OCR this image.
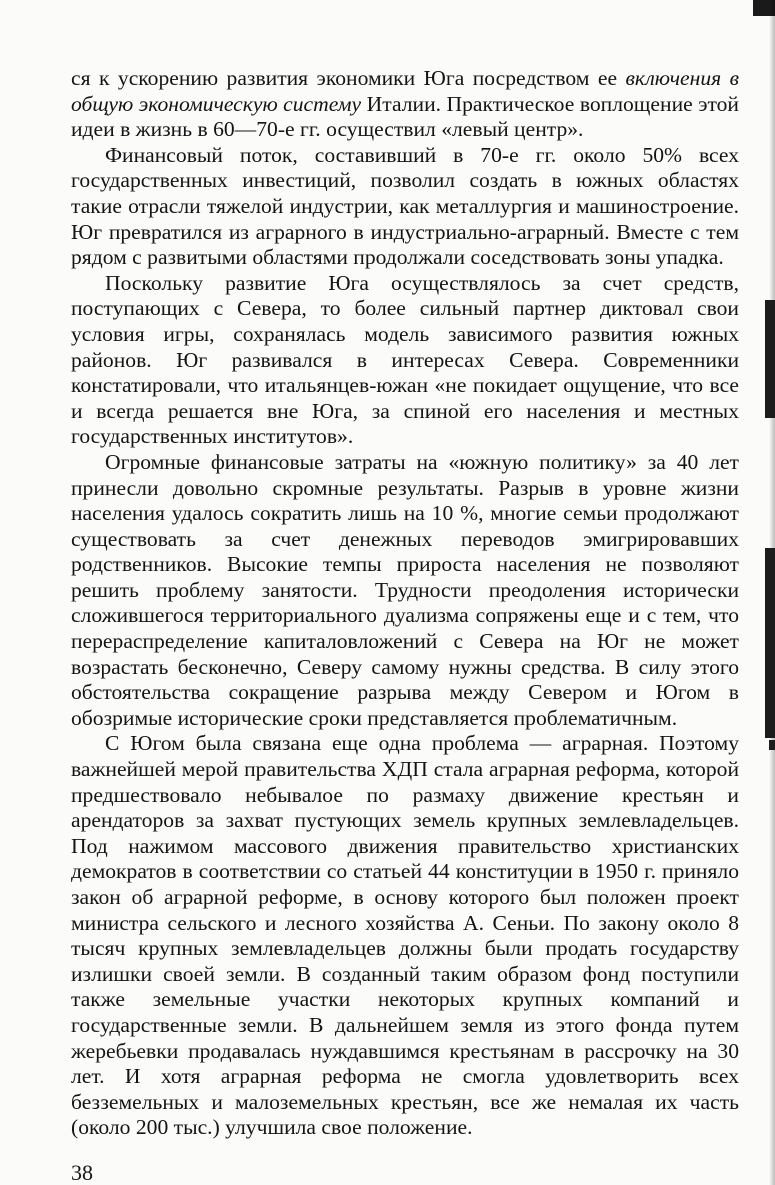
ся к ускорению развития экономики Юга посредством ее включения в общую экономическую систему Италии. Практическое воплощение этой идеи в жизнь в 60—70-е гг. осуществил «левый центр».

Финансовый поток, составивший в 70-е гг. около 50% всех государственных инвестиций, позволил создать в южных областях такие отрасли тяжелой индустрии, как металлургия и машиностроение. Юг превратился из аграрного в индустриально-аграрный. Вместе с тем рядом с развитыми областями продолжали соседствовать зоны упадка.

Поскольку развитие Юга осуществлялось за счет средств, поступающих с Севера, то более сильный партнер диктовал свои условия игры, сохранялась модель зависимого развития южных районов. Юг развивался в интересах Севера. Современники констатировали, что итальянцев-южан «не покидает ощущение, что все и всегда решается вне Юга, за спиной его населения и местных государственных институтов».

Огромные финансовые затраты на «южную политику» за 40 лет принесли довольно скромные результаты. Разрыв в уровне жизни населения удалось сократить лишь на 10 %, многие семьи продолжают существовать за счет денежных переводов эмигрировавших родственников. Высокие темпы прироста населения не позволяют решить проблему занятости. Трудности преодоления исторически сложившегося территориального дуализма сопряжены еще и с тем, что перераспределение капиталовложений с Севера на Юг не может возрастать бесконечно, Северу самому нужны средства. В силу этого обстоятельства сокращение разрыва между Севером и Югом в обозримые исторические сроки представляется проблематичным.

С Югом была связана еще одна проблема — аграрная. Поэтому важнейшей мерой правительства ХДП стала аграрная реформа, которой предшествовало небывалое по размаху движение крестьян и арендаторов за захват пустующих земель крупных землевладельцев. Под нажимом массового движения правительство христианских демократов в соответствии со статьей 44 конституции в 1950 г. приняло закон об аграрной реформе, в основу которого был положен проект министра сельского и лесного хозяйства А. Сеньи. По закону около 8 тысяч крупных землевладельцев должны были продать государству излишки своей земли. В созданный таким образом фонд поступили также земельные участки некоторых крупных компаний и государственные земли. В дальнейшем земля из этого фонда путем жеребьевки продавалась нуждавшимся крестьянам в рассрочку на 30 лет. И хотя аграрная реформа не смогла удовлетворить всех безземельных и малоземельных крестьян, все же немалая их часть (около 200 тыс.) улучшила свое положение.

38
